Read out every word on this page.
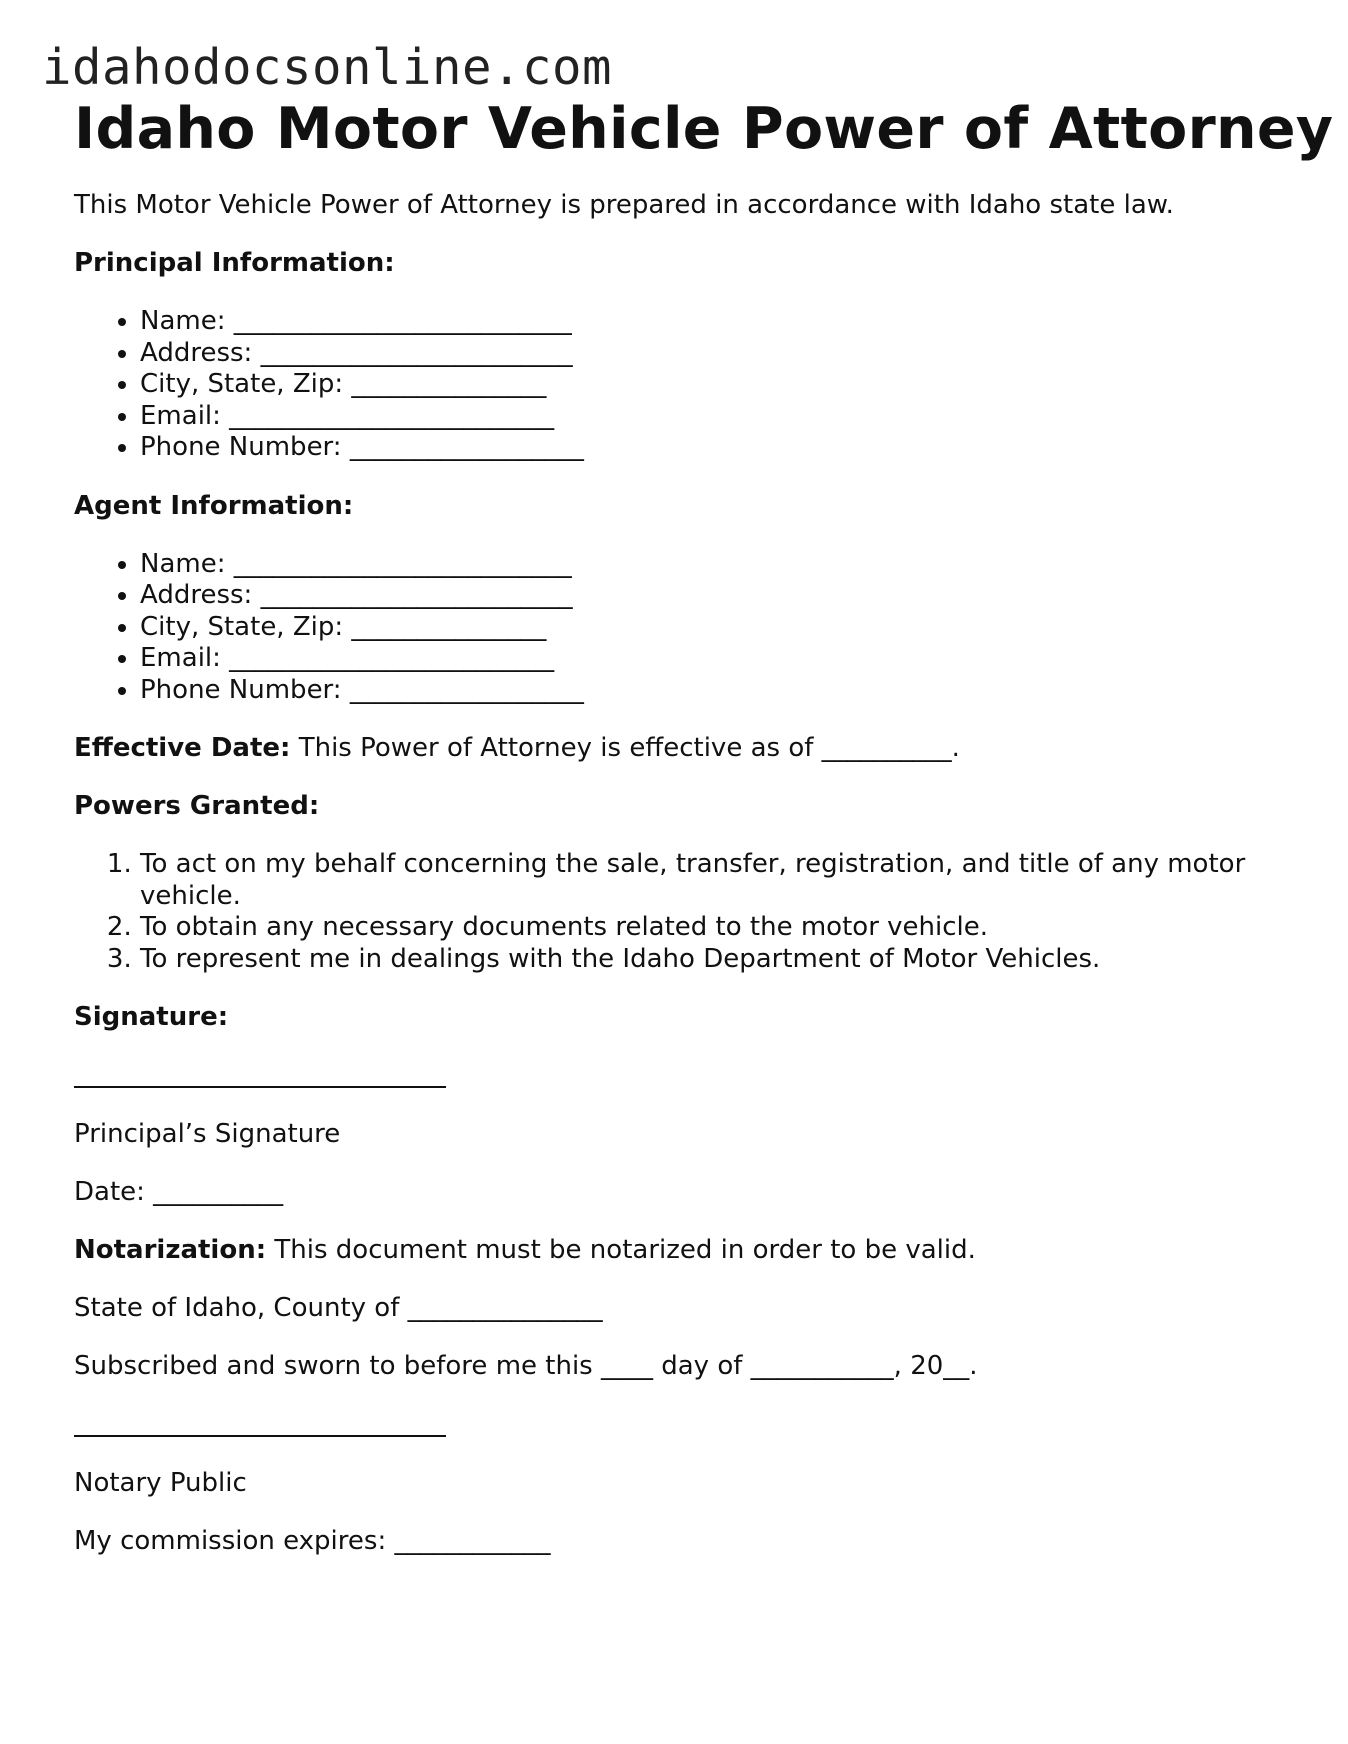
idahodocsonline.com
Idaho Motor Vehicle Power of Attorney

This Motor Vehicle Power of Attorney is prepared in accordance with Idaho state law.

Principal Information:

• Name: __________________________
• Address: ________________________
• City, State, Zip: _______________
• Email: _________________________
• Phone Number: __________________

Agent Information:

• Name: __________________________
• Address: ________________________
• City, State, Zip: _______________
• Email: _________________________
• Phone Number: __________________

Effective Date: This Power of Attorney is effective as of __________.

Powers Granted:

1. To act on my behalf concerning the sale, transfer, registration, and title of any motor vehicle.
2. To obtain any necessary documents related to the motor vehicle.
3. To represent me in dealings with the Idaho Department of Motor Vehicles.

Signature:

Principal’s Signature

Date: __________

Notarization: This document must be notarized in order to be valid.

State of Idaho, County of _______________

Subscribed and sworn to before me this ____ day of ___________, 20__.

Notary Public

My commission expires: ____________
